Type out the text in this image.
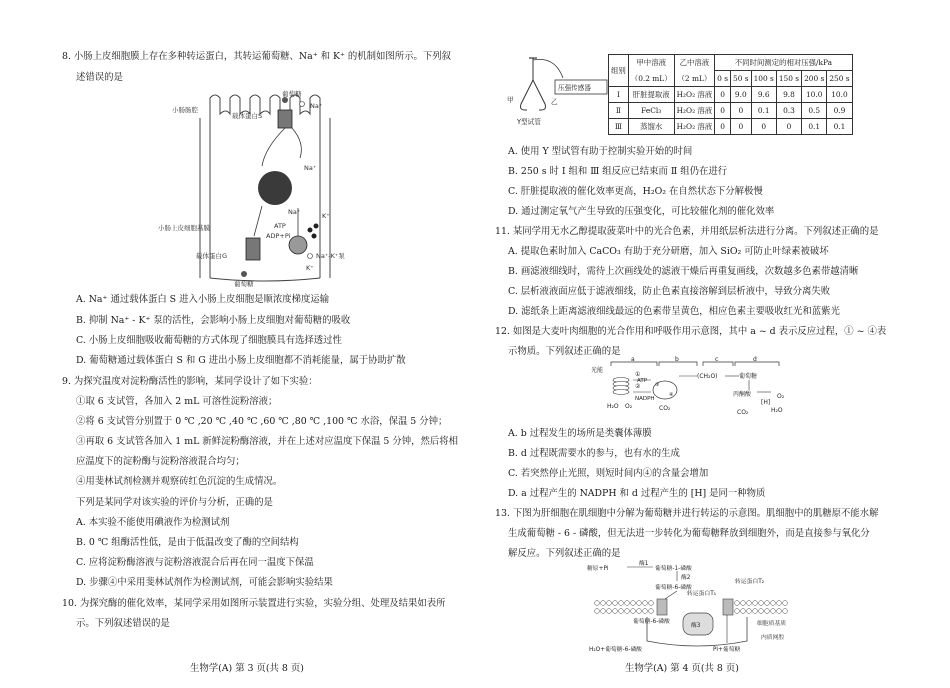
8. 小肠上皮细胞膜上存在多种转运蛋白，其转运葡萄糖、Na⁺ 和 K⁺ 的机制如图所示。下列叙
述错误的是
小肠肠腔
载体蛋白S
葡萄糖
Na⁺
Na⁺
小肠上皮细胞基膜
载体蛋白G
葡萄糖
ATP
ADP+Pi
Na⁺-K⁺泵
Na⁺	K⁺
K⁺
A. Na⁺ 通过载体蛋白 S 进入小肠上皮细胞是顺浓度梯度运输
B. 抑制 Na⁺ - K⁺ 泵的活性，会影响小肠上皮细胞对葡萄糖的吸收
C. 小肠上皮细胞吸收葡萄糖的方式体现了细胞膜具有选择透过性
D. 葡萄糖通过载体蛋白 S 和 G 进出小肠上皮细胞都不消耗能量，属于协助扩散
9. 为探究温度对淀粉酶活性的影响，某同学设计了如下实验：
①取 6 支试管，各加入 2 mL 可溶性淀粉溶液；
②将 6 支试管分别置于 0 ℃ ,20 ℃ ,40 ℃ ,60 ℃ ,80 ℃ ,100 ℃ 水浴，保温 5 分钟；
③再取 6 支试管各加入 1 mL 新鲜淀粉酶溶液，并在上述对应温度下保温 5 分钟，然后将相
应温度下的淀粉酶与淀粉溶液混合均匀；
④用斐林试剂检测并观察砖红色沉淀的生成情况。
下列是某同学对该实验的评价与分析，正确的是
A. 本实验不能使用碘液作为检测试剂
B. 0 ℃ 组酶活性低，是由于低温改变了酶的空间结构
C. 应将淀粉酶溶液与淀粉溶液混合后再在同一温度下保温
D. 步骤④中采用斐林试剂作为检测试剂，可能会影响实验结果
10. 为探究酶的催化效率，某同学采用如图所示装置进行实验，实验分组、处理及结果如表所
示。下列叙述错误的是
生物学(A) 第 3 页(共 8 页)
压强传感器
甲	乙
Y型试管
组别	甲中溶液	乙中溶液	不同时间测定的相对压强/kPa					
	（0.2 mL）	（2 mL）	0 s	50 s	100 s	150 s	200 s	250 s
Ⅰ	肝脏提取液	H₂O₂ 溶液	0	9.0	9.6	9.8	10.0	10.0
Ⅱ	FeCl₃	H₂O₂ 溶液	0	0	0.1	0.3	0.5	0.9
Ⅲ	蒸馏水	H₂O₂ 溶液	0	0	0	0	0.1	0.1
A. 使用 Y 型试管有助于控制实验开始的时间
B. 250 s 时 Ⅰ 组和 Ⅲ 组反应已结束而 Ⅱ 组仍在进行
C. 肝脏提取液的催化效率更高，H₂O₂ 在自然状态下分解极慢
D. 通过测定氧气产生导致的压强变化，可比较催化剂的催化效率
11. 某同学用无水乙醇提取菠菜叶中的光合色素，并用纸层析法进行分离。下列叙述正确的是
A. 提取色素时加入 CaCO₃ 有助于充分研磨，加入 SiO₂ 可防止叶绿素被破坏
B. 画滤液细线时，需待上次画线处的滤液干燥后再重复画线，次数越多色素带越清晰
C. 层析液液面应低于滤液细线，防止色素直接溶解到层析液中，导致分离失败
D. 滤纸条上距离滤液细线最远的色素带呈黄色，相应色素主要吸收红光和蓝紫光
12. 如图是大麦叶肉细胞的光合作用和呼吸作用示意图，其中 a ~ d 表示反应过程，① ~ ④表
示物质。下列叙述正确的是
a	b	c	d
光能
①
②	③
④
ATP
NADPH
H₂O O₂	CO₂
(CH₂O)	葡萄糖
丙酮酸
CO₂
[H]
O₂
H₂O
A. b 过程发生的场所是类囊体薄膜
B. d 过程既需要水的参与，也有水的生成
C. 若突然停止光照，则短时间内④的含量会增加
D. a 过程产生的 NADPH 和 d 过程产生的 [H] 是同一种物质
13. 下图为肝细胞在肌细胞中分解为葡萄糖并进行转运的示意图。肌细胞中的肌糖原不能水解
生成葡萄糖 - 6 - 磷酸，但无法进一步转化为葡萄糖释放到细胞外，而是直接参与氧化分
解反应。下列叙述正确的是
糖原+Pi
酶1
葡萄糖-1-磷酸
酶2
葡萄糖-6-磷酸
转运蛋白T₁
转运蛋白T₂
葡萄糖-6-磷酸
酶3	细胞质基质
内质网腔
H₂O+葡萄糖-6-磷酸	Pi+葡萄糖
生物学(A) 第 4 页(共 8 页)
